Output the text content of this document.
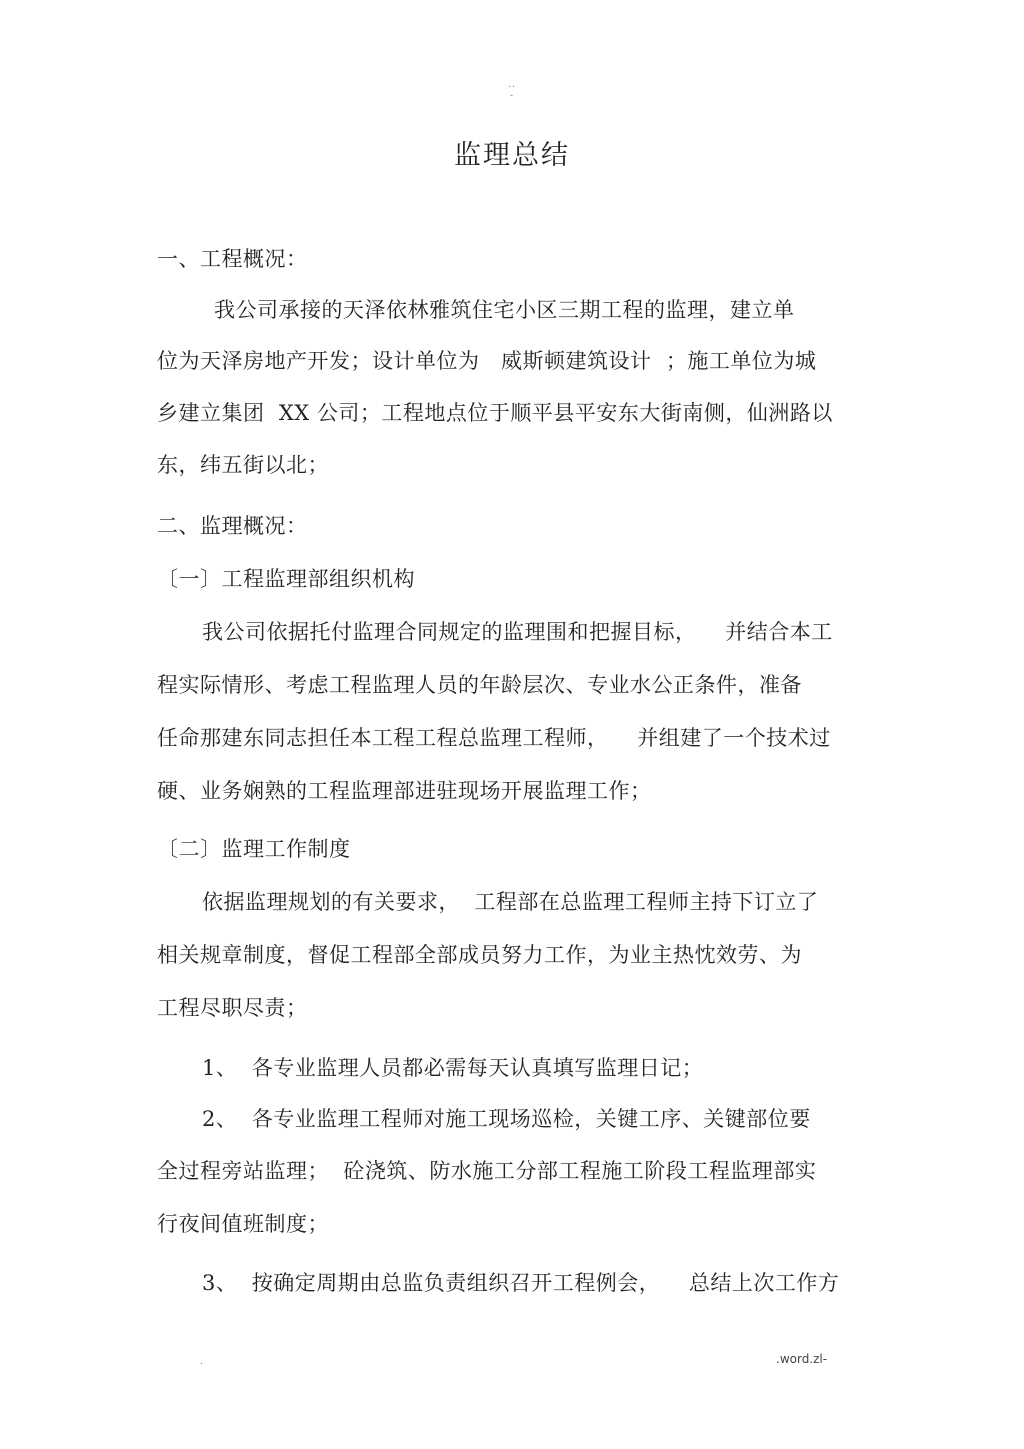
..
-
监理总结
一、工程概况：
我公司承接的天泽依林雅筑住宅小区三期工程的监理，建立单
位为天泽房地产开发；设计单位为   威斯顿建筑设计  ；施工单位为城
乡建立集团  XX 公司；工程地点位于顺平县平安东大街南侧，仙洲路以
东，纬五街以北；
二、监理概况：
〔一〕工程监理部组织机构
我公司依据托付监理合同规定的监理围和把握目标，    并结合本工
程实际情形、考虑工程监理人员的年龄层次、专业水公正条件，准备
任命那建东同志担任本工程工程总监理工程师，    并组建了一个技术过
硬、业务娴熟的工程监理部进驻现场开展监理工作；
〔二〕监理工作制度
依据监理规划的有关要求，  工程部在总监理工程师主持下订立了
相关规章制度，督促工程部全部成员努力工作，为业主热忱效劳、为
工程尽职尽责；
1、  各专业监理人员都必需每天认真填写监理日记；
2、  各专业监理工程师对施工现场巡检，关键工序、关键部位要
全过程旁站监理；  砼浇筑、防水施工分部工程施工阶段工程监理部实
行夜间值班制度；
3、  按确定周期由总监负责组织召开工程例会，    总结上次工作方
.	.word.zl-
